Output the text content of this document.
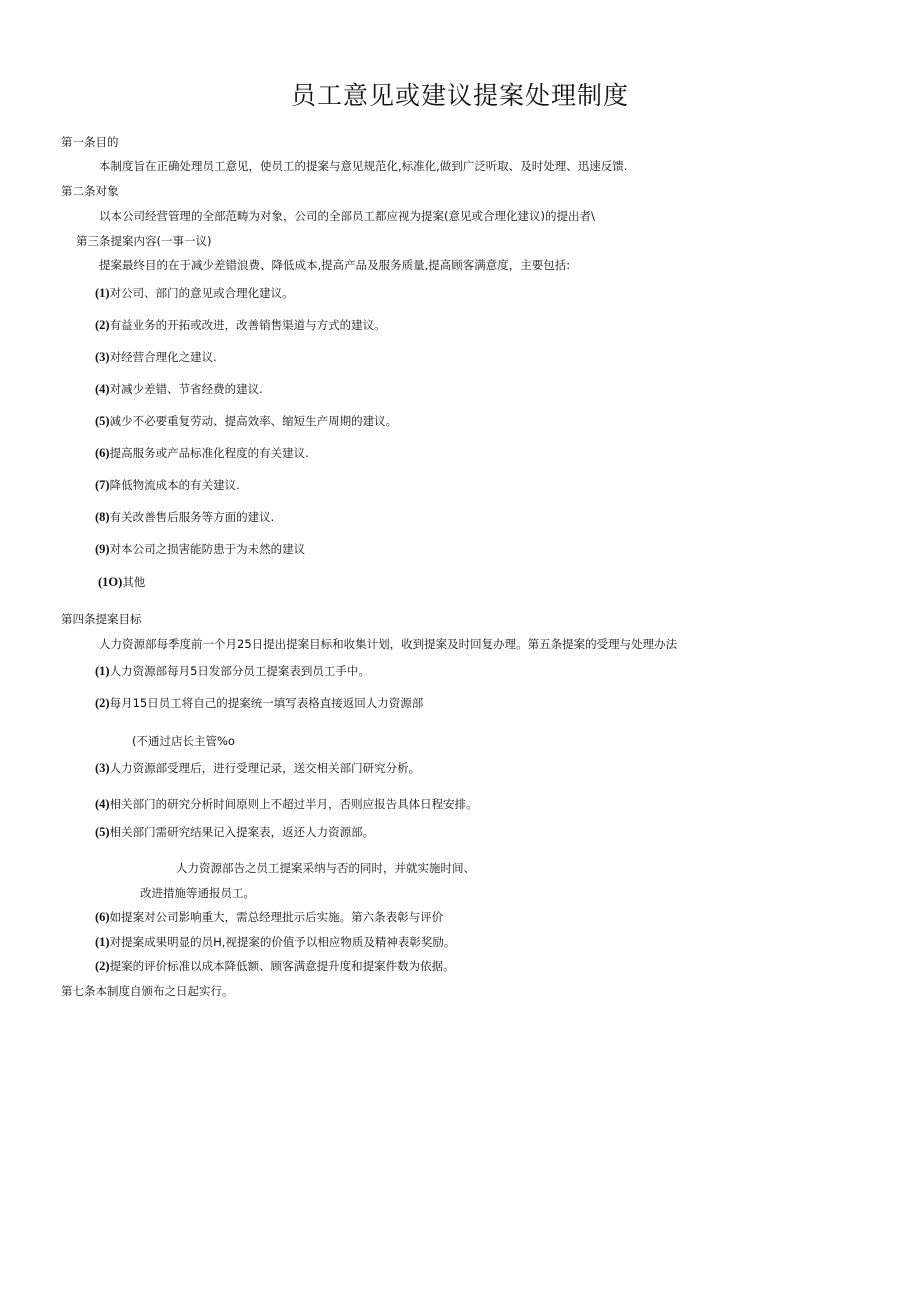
员工意见或建议提案处理制度
第一条目的
本制度旨在正确处理员工意见，使员工的提案与意见规范化,标准化,做到广泛听取、及时处理、迅速反馈.
第二条对象
以本公司经营管理的全部范畴为对象，公司的全部员工都应视为提案(意见或合理化建议)的提出者\
第三条提案内容(一事一议)
提案最终目的在于减少差错浪费、降低成本,提高产品及服务质量,提高顾客满意度，主要包括:
(1)对公司、部门的意见或合理化建议。
(2)有益业务的开拓或改进，改善销售渠道与方式的建议。
(3)对经营合理化之建议.
(4)对减少差错、节省经费的建议.
(5)减少不必要重复劳动、提高效率、缩短生产周期的建议。
(6)提高服务或产品标准化程度的有关建议.
(7)降低物流成本的有关建议.
(8)有关改善售后服务等方面的建议.
(9)对本公司之损害能防患于为未然的建议
(1O)其他
第四条提案目标
人力资源部每季度前一个月25日提出提案目标和收集计划，收到提案及时回复办理。第五条提案的受理与处理办法
(1)人力资源部每月5日发部分员工提案表到员工手中。
(2)每月15日员工将自己的提案统一填写表格直接返回人力资源部
(不通过店长主管%o
(3)人力资源部受理后，进行受理记录，送交相关部门研究分析。
(4)相关部门的研究分析时间原则上不超过半月，否则应报告具体日程安排。
(5)相关部门需研究结果记入提案表，返还人力资源部。
人力资源部告之员工提案采纳与否的同时，并就实施时间、
改进措施等通报员工。
(6)如提案对公司影响重大，需总经理批示后实施。第六条表彰与评价
(1)对提案成果明显的员H,视提案的价值予以相应物质及精神表彰奖励。
(2)提案的评价标准以成本降低额、顾客满意提升度和提案件数为依据。
第七条本制度自颁布之日起实行。
